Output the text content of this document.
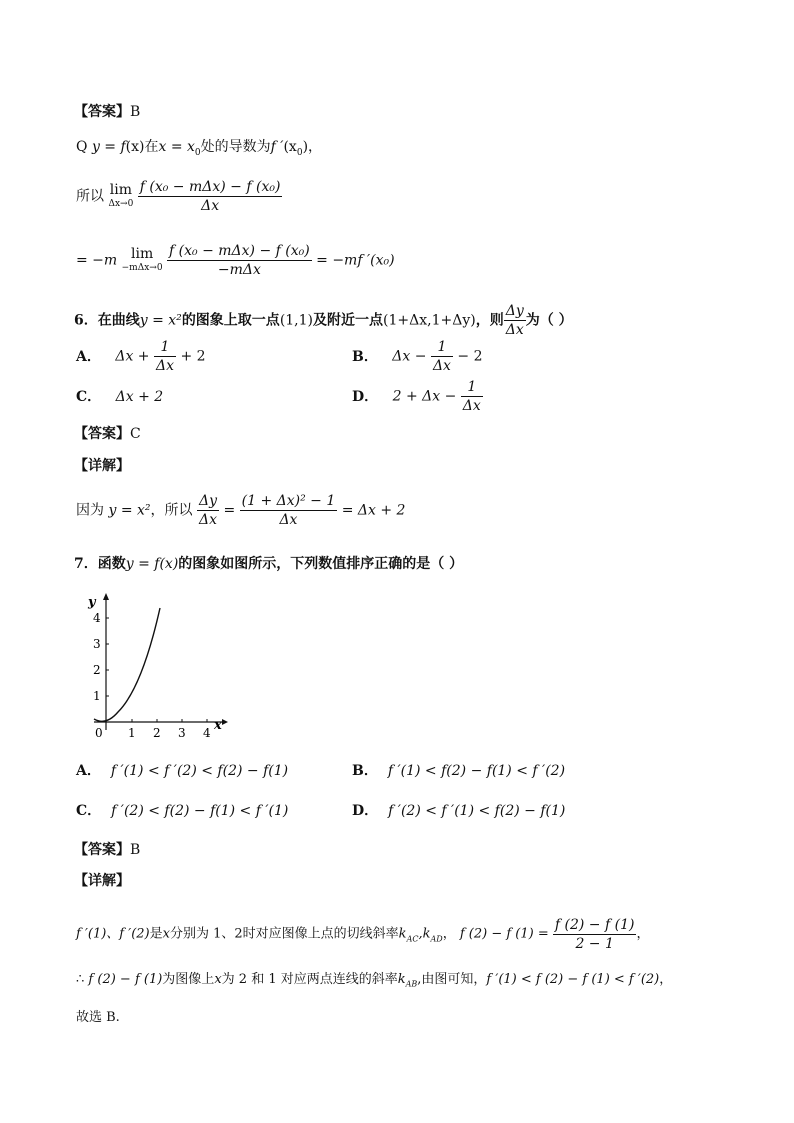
【答案】B
Q y = f(x)在$x = x_0$处的导数为f $'(x_0)$，
所以 lim
Δx→0
$\frac{\text{f (x₀ − mΔx) − f (x₀)}}{\Delta x}$
= −m lim
−mΔx→0
$\frac{\text{f (x₀ − mΔx) − f (x₀)}}{\text{−mΔx}} = -mf$ ′(x₀)
6．在曲线y = x²的图象上取一点(1,1)及附近一点(1+Δx,1+Δy)，则 $\frac{\Delta y}{\Delta x}$ 为（ ）
A． $\Delta x + \frac{1}{\Delta x} + 2$	B． $\Delta x - \frac{1}{\Delta x} - 2$
C． Δx + 2	D． $2 + \Delta x - \frac{1}{\Delta x}$
【答案】C
【详解】
因为 y = x²，所以 $\frac{\Delta y}{\Delta x} = \frac{\text{(1 + Δx)² − 1}}{\Delta x} = \Delta x + 2$
7．函数y = f(x)的图象如图所示，下列数值排序正确的是（ ）
y
x
0 1 2 3 4
1
2
3
4
A． f ′(1) < f ′(2) < f(2) − f(1)	B． f ′(1) < f(2) − f(1) < f ′(2)
C． f ′(2) < f(2) − f(1) < f ′(1)	D． f ′(2) < f ′(1) < f(2) − f(1)
【答案】B
【详解】
f ′(1)、f ′(2)是x分别为 1、2时对应图像上点的切线斜率$k_{AC},k_{AD}$， f (2) − f $(1) = \frac{f (2) - f (1)}{2 - 1}$ ，
∴ f (2) − f (1)为图像上x为 2 和 1 对应两点连线的斜率$k_{AB}$,由图可知，f ′(1) < f (2) − f (1) < f ′(2)，
故选 B.
